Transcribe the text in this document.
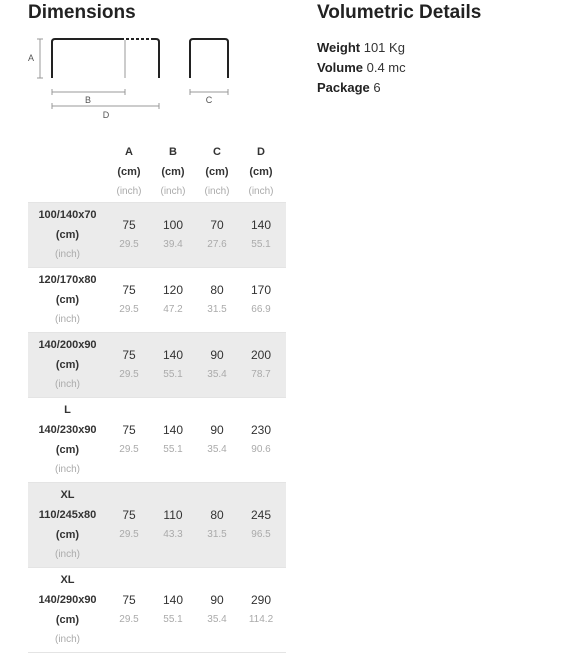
Dimensions	Volumetric Details
Weight 101 Kg
Volume 0.4 mc
Package 6
A
B
D
C
A
(cm)
(inch)
B
(cm)
(inch)
C
(cm)
(inch)
D
(cm)
(inch)
100/140x70
(cm)
(inch)
75
29.5
100
39.4
70
27.6
140
55.1
120/170x80
(cm)
(inch)
75
29.5
120
47.2
80
31.5
170
66.9
140/200x90
(cm)
(inch)
75
29.5
140
55.1
90
35.4
200
78.7
L
140/230x90
(cm)
(inch)
75
29.5
140
55.1
90
35.4
230
90.6
XL
110/245x80
(cm)
(inch)
75
29.5
110
43.3
80
31.5
245
96.5
XL
140/290x90
(cm)
(inch)
75
29.5
140
55.1
90
35.4
290
114.2
